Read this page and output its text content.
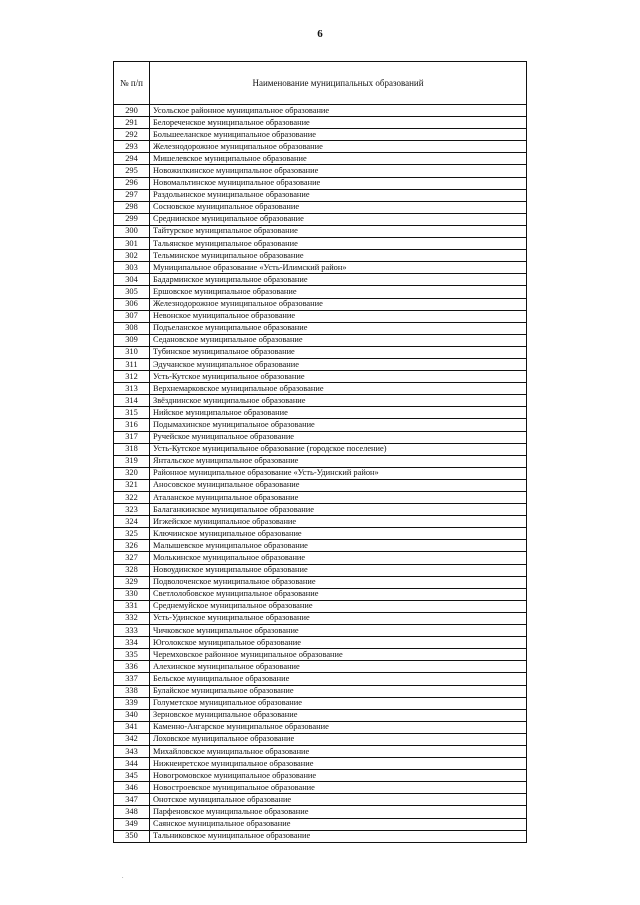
6
№ п/п	Наименование муниципальных образований
290	Усольское районное муниципальное образование
291	Белореченское муниципальное образование
292	Большееланское муниципальное образование
293	Железнодорожное муниципальное образование
294	Мишелевское муниципальное образование
295	Новожилкинское муниципальное образование
296	Новомальтинское муниципальное образование
297	Раздольинское муниципальное образование
298	Сосновское муниципальное образование
299	Среднинское муниципальное образование
300	Тайтурское муниципальное образование
301	Тальянское муниципальное образование
302	Тельминское муниципальное образование
303	Муниципальное образование «Усть-Илимский район»
304	Бадарминское муниципальное образование
305	Ершовское муниципальное образование
306	Железнодорожное муниципальное образование
307	Невонское муниципальное образование
308	Подъеланское муниципальное образование
309	Седановское муниципальное образование
310	Тубинское муниципальное образование
311	Эдучанское муниципальное образование
312	Усть-Кутское муниципальное образование
313	Верхнемарковское муниципальное образование
314	Звёзднинское муниципальное образование
315	Нийское муниципальное образование
316	Подымахинское муниципальное образование
317	Ручейское муниципальное образование
318	Усть-Кутское муниципальное образование (городское поселение)
319	Янтальское муниципальное образование
320	Районное муниципальное образование «Усть-Удинский район»
321	Аносовское муниципальное образование
322	Аталанское муниципальное образование
323	Балаганкинское муниципальное образование
324	Игжейское муниципальное образование
325	Ключинское муниципальное образование
326	Малышевское муниципальное образование
327	Молькинское муниципальное образование
328	Новоудинское муниципальное образование
329	Подволоченское муниципальное образование
330	Светлолобовское муниципальное образование
331	Среднемуйское муниципальное образование
332	Усть-Удинское муниципальное образование
333	Чичковское муниципальное образование
334	Юголокское муниципальное образование
335	Черемховское районное муниципальное образование
336	Алехинское муниципальное образование
337	Бельское муниципальное образование
338	Булайское муниципальное образование
339	Голуметское муниципальное образование
340	Зерновское муниципальное образование
341	Каменно-Ангарское муниципальное образование
342	Лоховское муниципальное образование
343	Михайловское муниципальное образование
344	Нижнеиретское муниципальное образование
345	Новогромовское муниципальное образование
346	Новостроевское муниципальное образование
347	Онотское муниципальное образование
348	Парфеновское муниципальное образование
349	Саянское муниципальное образование
350	Тальниковское муниципальное образование
.
